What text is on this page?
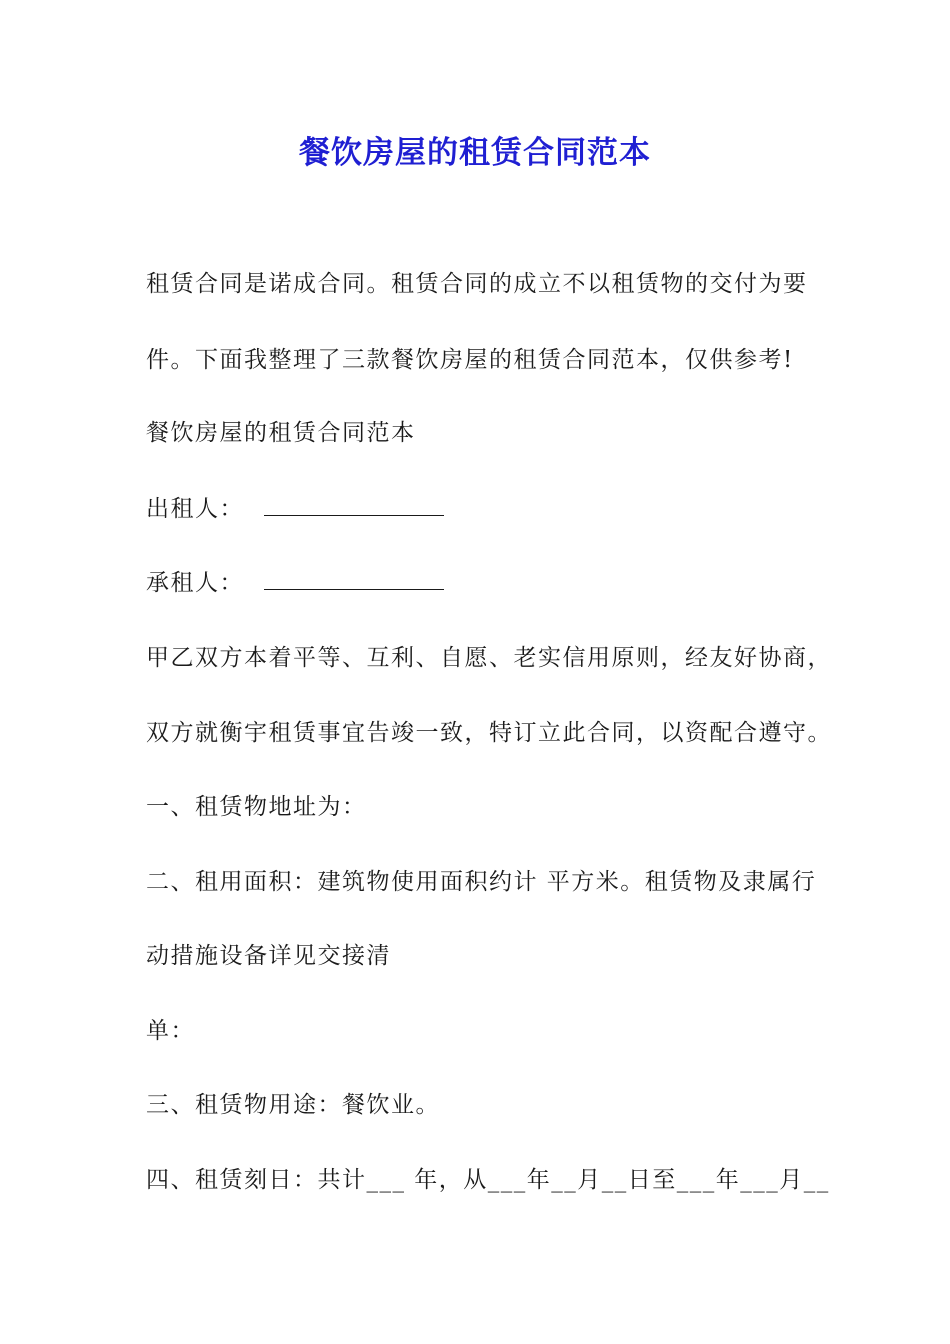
餐饮房屋的租赁合同范本
租赁合同是诺成合同。租赁合同的成立不以租赁物的交付为要
件。下面我整理了三款餐饮房屋的租赁合同范本，仅供参考!
餐饮房屋的租赁合同范本
出租人：
承租人：
甲乙双方本着平等、互利、自愿、老实信用原则，经友好协商，
双方就衡宇租赁事宜告竣一致，特订立此合同，以资配合遵守。
一、租赁物地址为：
二、租用面积：建筑物使用面积约计 平方米。租赁物及隶属行
动措施设备详见交接清
单：
三、租赁物用途：餐饮业。
四、租赁刻日：共计___ 年，从___年__月__日至___年___月__
